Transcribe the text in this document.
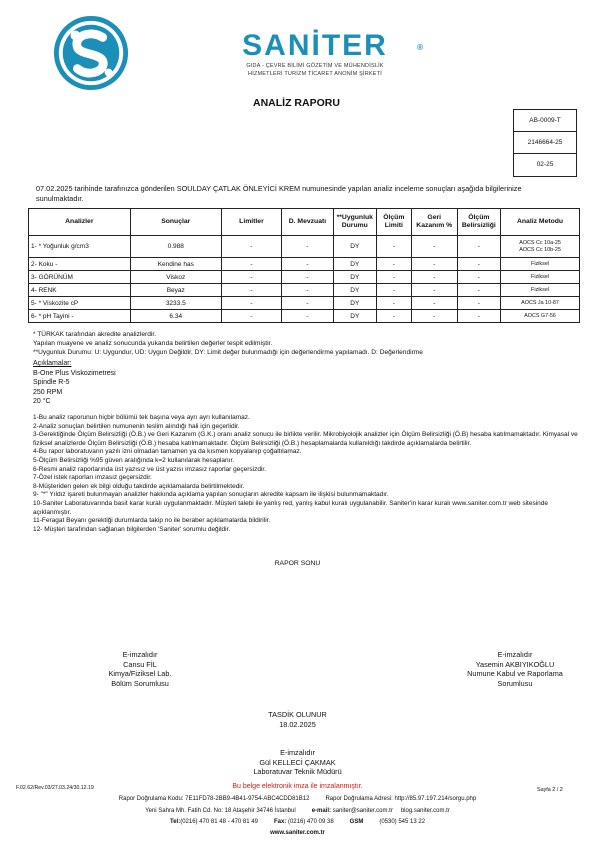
SANİTER	®
GIDA - ÇEVRE BİLİMİ GÖZETİM VE MÜHENDİSLİK
HİZMETLERİ TURİZM TİCARET ANONİM ŞİRKETİ
ANALİZ RAPORU
AB-0009-T
2146664-25
02-25
07.02.2025 tarihinde tarafınızca gönderilen SOULDAY ÇATLAK ÖNLEYİCİ KREM numunesinde yapılan analiz inceleme sonuçları aşağıda bilgilerinize sunulmaktadır.
Analizler	Sonuçlar	Limitler	D. Mevzuatı	**Uygunluk Durumu	Ölçüm Limiti	Geri Kazanım %	Ölçüm Belirsizliği	Analiz Metodu
1- * Yoğunluk g/cm3	0.988	-	-	DY	-	-	-	AOCS Cc 10a-25
AOCS Cc 10b-25

2- Koku -	Kendine has	-	-	DY	-	-	-	Fiziksel
3- GÖRÜNÜM	Viskoz	-	-	DY	-	-	-	Fiziksel
4- RENK	Beyaz	-	-	DY	-	-	-	Fiziksel
5- * Viskozite cP	3233.5	-	-	DY	-	-	-	AOCS Ja 10-87
6- * pH Tayini -	6.34	-	-	DY	-	-	-	AOCS G7-56
* TÜRKAK tarafından akredite analizlerdir.
Yapılan muayene ve analiz sonucunda yukarıda belirtilen değerler tespit edilmiştir.
**Uygunluk Durumu: U: Uygundur, UD: Uygun Değildir, DY: Limit değer bulunmadığı için değerlendirme yapılamadı. D: Değerlendirme
Açıklamalar:
B-One Plus Viskozimetresi
Spindle R-5
250 RPM
20 °C
1-Bu analiz raporunun hiçbir bölümü tek başına veya ayrı ayrı kullanılamaz.
2-Analiz sonuçları belirtilen numunenin teslim alındığı hali için geçerlidir.
3-Gerektiğinde Ölçüm Belirsizliği (Ö.B.) ve Geri Kazanım (G.K.) oranı analiz sonucu ile birlikte verilir. Mikrobiyolojik analizler için Ölçüm Belirsizliği (Ö.B) hesaba katılmamaktadır. Kimyasal ve fiziksel analizlerde Ölçüm Belirsizliği (Ö.B.) hesaba katılmamaktadır. Ölçüm Belirsizliği (Ö.B.) hesaplamalarda kullanıldığı takdirde açıklamalarda belirtilir.
4-Bu rapor laboratuvarın yazılı izni olmadan tamamen ya da kısmen kopyalanıp çoğaltılamaz.
5-Ölçüm Belirsizliği %95 güven aralığında k=2 kullanılarak hesaplanır.
6-Resmi analiz raporlarında üst yazısız ve üst yazısı imzasız raporlar geçersizdir.
7-Özel istek raporları imzasız geçersizdir.
8-Müşteriden gelen ek bilgi olduğu takdirde açıklamalarda belirtilmektedir.
9- "*" Yıldız işareti bulunmayan analizler hakkında açıklama yapılan sonuçların akredite kapsam ile ilişkisi bulunmamaktadır.
10-Saniter Laboratuvarında basit karar kuralı uygulanmaktadır. Müşteri talebi ile yanlış red, yanlış kabul kuralı uygulanabilir. Saniter'in karar kuralı www.saniter.com.tr web sitesinde açıklanmıştır.
11-Feragat Beyanı gerektiği durumlarda takip no ile beraber açıklamalarda bildirilir.
12- Müşteri tarafından sağlanan bilgilerden 'Saniter' sorumlu değildir.
RAPOR SONU
E-imzalıdır
Cansu FİL
Kimya/Fiziksel Lab.
Bölüm Sorumlusu
E-imzalıdır
Yasemin AKBIYIKOĞLU
Numune Kabul ve Raporlama
Sorumlusu
TASDİK OLUNUR
18.02.2025
E-imzalıdır
Gül KELLECİ ÇAKMAK
Laboratuvar Teknik Müdürü
F.02.62/Rev.03/27.03.24/30.12.19	Bu belge elektronik imza ile imzalanmıştır.	Sayfa 2 / 2
Rapor Doğrulama Kodu: 7E11FD78-2BB9-4B41-9754-ABC4CDD81B12	Rapor Doğrulama Adresi: http://85.97.197.214/sorgu.php
Yeni Sahra Mh. Fatih Cd. No: 18 Ataşehir 34746 İstanbul	e-mail: saniter@saniter.com.tr blog.saniter.com.tr
Tel:(0216) 470 81 48 - 470 81 49	Fax: (0216) 470 09 38	GSM	(0530) 545 13 22
www.saniter.com.tr
